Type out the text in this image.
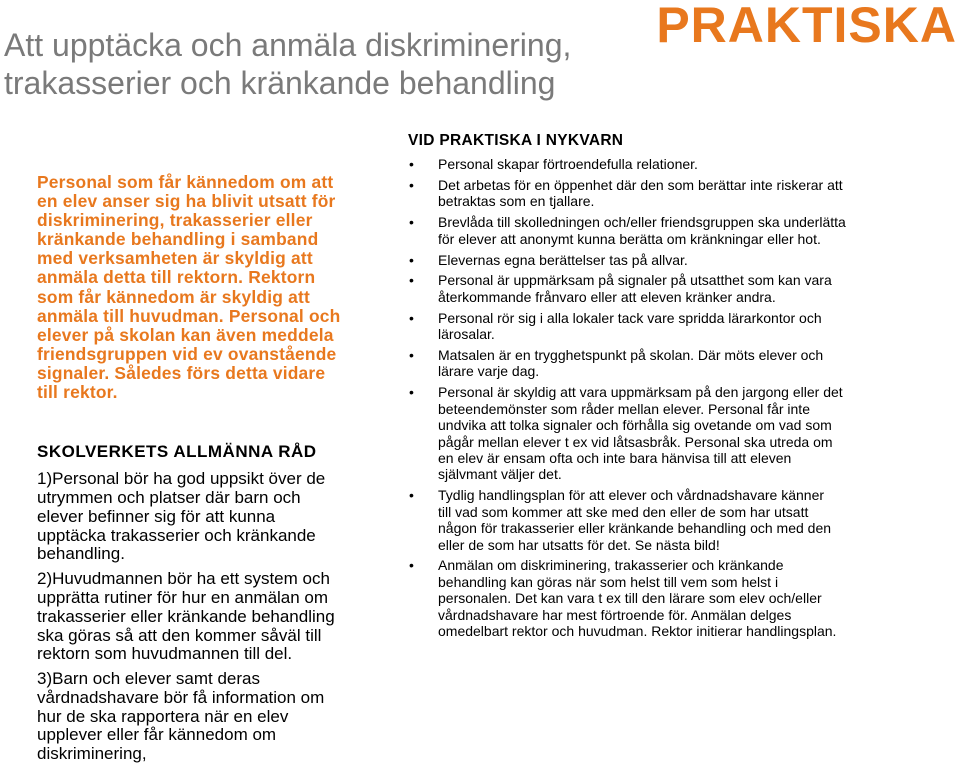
PRAKTISKA
Att upptäcka och anmäla diskriminering,
trakasserier och kränkande behandling
Personal som får kännedom om att
en elev anser sig ha blivit utsatt för
diskriminering, trakasserier eller
kränkande behandling i samband
med verksamheten är skyldig att
anmäla detta till rektorn. Rektorn
som får kännedom är skyldig att
anmäla till huvudman. Personal och
elever på skolan kan även meddela
friendsgruppen vid ev ovanstående
signaler. Således förs detta vidare
till rektor.
SKOLVERKETS ALLMÄNNA RÅD
1)Personal bör ha god uppsikt över de
utrymmen och platser där barn och
elever befinner sig för att kunna
upptäcka trakasserier och kränkande
behandling.
2)Huvudmannen bör ha ett system och
upprätta rutiner för hur en anmälan om
trakasserier eller kränkande behandling
ska göras så att den kommer såväl till
rektorn som huvudmannen till del.
3)Barn och elever samt deras
vårdnadshavare bör få information om
hur de ska rapportera när en elev
upplever eller får kännedom om
diskriminering,
VID PRAKTISKA I NYKVARN
• Personal skapar förtroendefulla relationer.
• Det arbetas för en öppenhet där den som berättar inte riskerar att
betraktas som en tjallare.
• Brevlåda till skolledningen och/eller friendsgruppen ska underlätta
för elever att anonymt kunna berätta om kränkningar eller hot.
• Elevernas egna berättelser tas på allvar.
• Personal är uppmärksam på signaler på utsatthet som kan vara
återkommande frånvaro eller att eleven kränker andra.
• Personal rör sig i alla lokaler tack vare spridda lärarkontor och
lärosalar.
• Matsalen är en trygghetspunkt på skolan. Där möts elever och
lärare varje dag.
• Personal är skyldig att vara uppmärksam på den jargong eller det
beteendemönster som råder mellan elever. Personal får inte
undvika att tolka signaler och förhålla sig ovetande om vad som
pågår mellan elever t ex vid låtsasbråk. Personal ska utreda om
en elev är ensam ofta och inte bara hänvisa till att eleven
självmant väljer det.
• Tydlig handlingsplan för att elever och vårdnadshavare känner
till vad som kommer att ske med den eller de som har utsatt
någon för trakasserier eller kränkande behandling och med den
eller de som har utsatts för det. Se nästa bild!
• Anmälan om diskriminering, trakasserier och kränkande
behandling kan göras när som helst till vem som helst i
personalen. Det kan vara t ex till den lärare som elev och/eller
vårdnadshavare har mest förtroende för. Anmälan delges
omedelbart rektor och huvudman. Rektor initierar handlingsplan.
